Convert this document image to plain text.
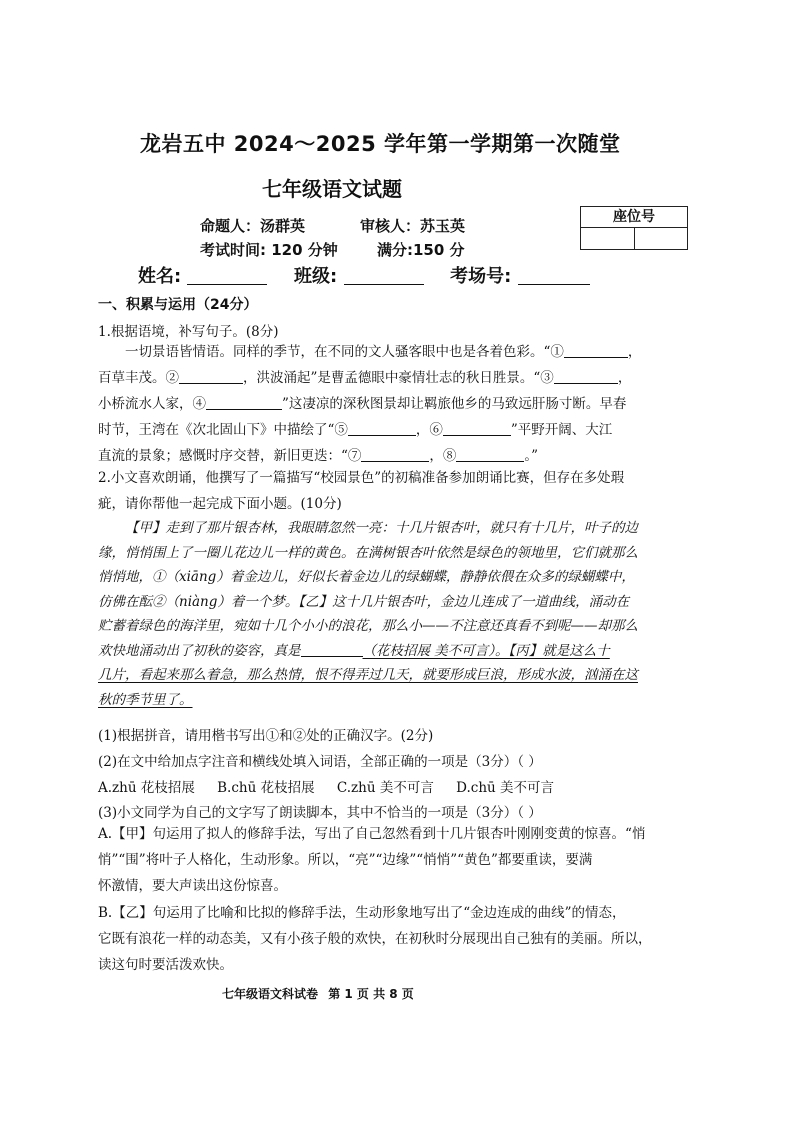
龙岩五中 2024～2025 学年第一学期第一次随堂
七年级语文试题
命题人：汤群英	审核人：苏玉英
考试时间: 120 分钟	满分:150 分
座位号
姓名:	班级:	考场号:
一、积累与运用（24分）
1.根据语境，补写句子。(8分)
一切景语皆情语。同样的季节，在不同的文人骚客眼中也是各着色彩。“①	，
百草丰茂。②	，洪波涌起”是曹孟德眼中豪情壮志的秋日胜景。“③	，
小桥流水人家，④	”这凄凉的深秋图景却让羁旅他乡的马致远肝肠寸断。早春
时节，王湾在《次北固山下》中描绘了“⑤	，⑥	”平野开阔、大江
直流的景象；感慨时序交替，新旧更迭：“⑦	，⑧	。”
2.小文喜欢朗诵，他撰写了一篇描写“校园景色”的初稿准备参加朗诵比赛，但存在多处瑕
疵，请你帮他一起完成下面小题。(10分)
【甲】走到了那片银杏林，我眼睛忽然一亮：十几片银杏叶，就只有十几片，叶子的边
缘，悄悄围上了一圈儿花边儿一样的黄色。在满树银杏叶依然是绿色的领地里，它们就那么
悄悄地，①（xiāng）着金边儿，好似长着金边儿的绿蝴蝶，静静依偎在众多的绿蝴蝶中，
仿佛在酝②（niàng）着一个梦。【乙】这十几片银杏叶，金边儿连成了一道曲线，涌动在
贮蓄着绿色的海洋里，宛如十几个小小的浪花，那么小——不注意还真看不到呢——却那么
欢快地涌动出了初秋的姿容，真是	（花枝招展 美不可言）。【丙】就是这么十
几片，看起来那么着急，那么热情，恨不得弄过几天，就要形成巨浪，形成水波，汹涌在这
秋的季节里了。
(1)根据拼音，请用楷书写出①和②处的正确汉字。(2分)
(2)在文中给加点字注音和横线处填入词语，全部正确的一项是（3分）（ ）
A.zhū 花枝招展 B.chū 花枝招展 C.zhū 美不可言 D.chū 美不可言
(3)小文同学为自己的文字写了朗读脚本，其中不恰当的一项是（3分）（ ）
A.【甲】句运用了拟人的修辞手法，写出了自己忽然看到十几片银杏叶刚刚变黄的惊喜。“悄
悄”“围”将叶子人格化，生动形象。所以，“亮”“边缘”“悄悄”“黄色”都要重读，要满
怀激情，要大声读出这份惊喜。
B.【乙】句运用了比喻和比拟的修辞手法，生动形象地写出了“金边连成的曲线”的情态，
它既有浪花一样的动态美，又有小孩子般的欢快，在初秋时分展现出自己独有的美丽。所以，
读这句时要活泼欢快。
七年级语文科试卷 第 1 页 共 8 页
